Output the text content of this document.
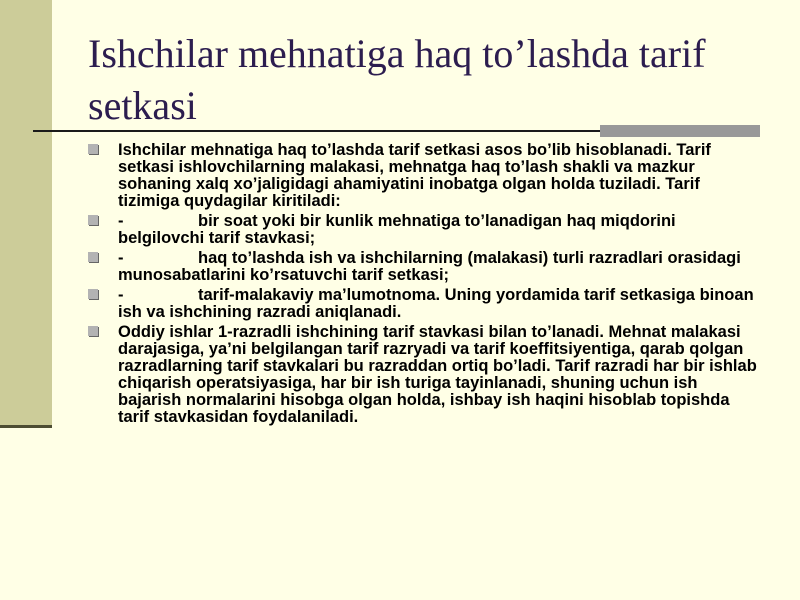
Ishchilar mehnatiga haq to’lashda tarif setkasi
Ishchilar mehnatiga haq to’lashda tarif setkasi asos bo’lib hisoblanadi. Tarif setkasi ishlovchilarning malakasi, mehnatga haq to’lash shakli va mazkur sohaning xalq xo’jaligidagi ahamiyatini inobatga olgan holda tuziladi. Tarif tizimiga quydagilar kiritiladi:
-	bir soat yoki bir kunlik mehnatiga to’lanadigan haq miqdorini belgilovchi tarif stavkasi;
-	haq to’lashda ish va ishchilarning (malakasi) turli razradlari orasidagi munosabatlarini ko’rsatuvchi tarif setkasi;
-	tarif-malakaviy ma’lumotnoma. Uning yordamida tarif setkasiga binoan ish va ishchining razradi aniqlanadi.
Oddiy ishlar 1-razradli ishchining tarif stavkasi bilan to’lanadi. Mehnat malakasi darajasiga, ya’ni belgilangan tarif razryadi va tarif koeffitsiyentiga, qarab qolgan razradlarning tarif stavkalari bu razraddan ortiq bo’ladi. Tarif razradi har bir ishlab chiqarish operatsiyasiga, har bir ish turiga tayinlanadi, shuning uchun ish bajarish normalarini hisobga olgan holda, ishbay ish haqini hisoblab topishda tarif stavkasidan foydalaniladi.
